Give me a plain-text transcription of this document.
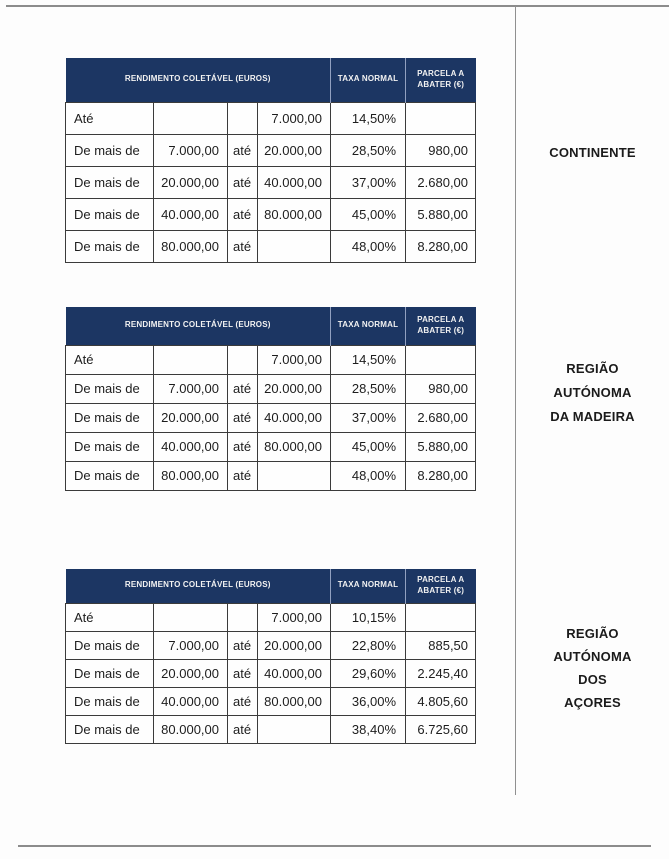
RENDIMENTO COLETÁVEL (EUROS)				TAXA NORMAL	PARCELA A ABATER (€)
Até			7.000,00	14,50%	
De mais de	7.000,00	até	20.000,00	28,50%	980,00
De mais de	20.000,00	até	40.000,00	37,00%	2.680,00
De mais de	40.000,00	até	80.000,00	45,00%	5.880,00
De mais de	80.000,00	até		48,00%	8.280,00
RENDIMENTO COLETÁVEL (EUROS)				TAXA NORMAL	PARCELA A ABATER (€)
Até			7.000,00	14,50%	
De mais de	7.000,00	até	20.000,00	28,50%	980,00
De mais de	20.000,00	até	40.000,00	37,00%	2.680,00
De mais de	40.000,00	até	80.000,00	45,00%	5.880,00
De mais de	80.000,00	até		48,00%	8.280,00
RENDIMENTO COLETÁVEL (EUROS)				TAXA NORMAL	PARCELA A ABATER (€)
Até			7.000,00	10,15%	
De mais de	7.000,00	até	20.000,00	22,80%	885,50
De mais de	20.000,00	até	40.000,00	29,60%	2.245,40
De mais de	40.000,00	até	80.000,00	36,00%	4.805,60
De mais de	80.000,00	até		38,40%	6.725,60
CONTINENTE
REGIÃO
AUTÓNOMA
DA MADEIRA
REGIÃO
AUTÓNOMA
DOS
AÇORES
